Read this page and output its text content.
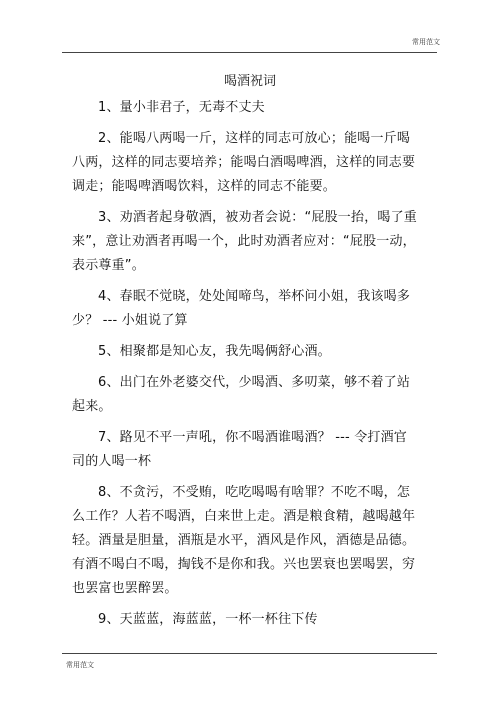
常用范文
喝酒祝词

1、量小非君子，无毒不丈夫

2、能喝八两喝一斤，这样的同志可放心；能喝一斤喝八两，这样的同志要培养；能喝白酒喝啤酒，这样的同志要调走；能喝啤酒喝饮料，这样的同志不能要。

3、劝酒者起身敬酒，被劝者会说：“屁股一抬，喝了重来”，意让劝酒者再喝一个，此时劝酒者应对：“屁股一动，表示尊重”。

4、春眠不觉晓，处处闻啼鸟，举杯问小姐，我该喝多少？ --- 小姐说了算

5、相聚都是知心友，我先喝俩舒心酒。

6、出门在外老婆交代，少喝酒、多叨菜，够不着了站起来。

7、路见不平一声吼，你不喝酒谁喝酒？ --- 令打酒官司的人喝一杯

8、不贪污，不受贿，吃吃喝喝有啥罪？不吃不喝，怎么工作？人若不喝酒，白来世上走。酒是粮食精，越喝越年轻。酒量是胆量，酒瓶是水平，酒风是作风，酒德是品德。有酒不喝白不喝，掏钱不是你和我。兴也罢衰也罢喝罢，穷也罢富也罢醉罢。

9、天蓝蓝，海蓝蓝，一杯一杯往下传

常用范文
